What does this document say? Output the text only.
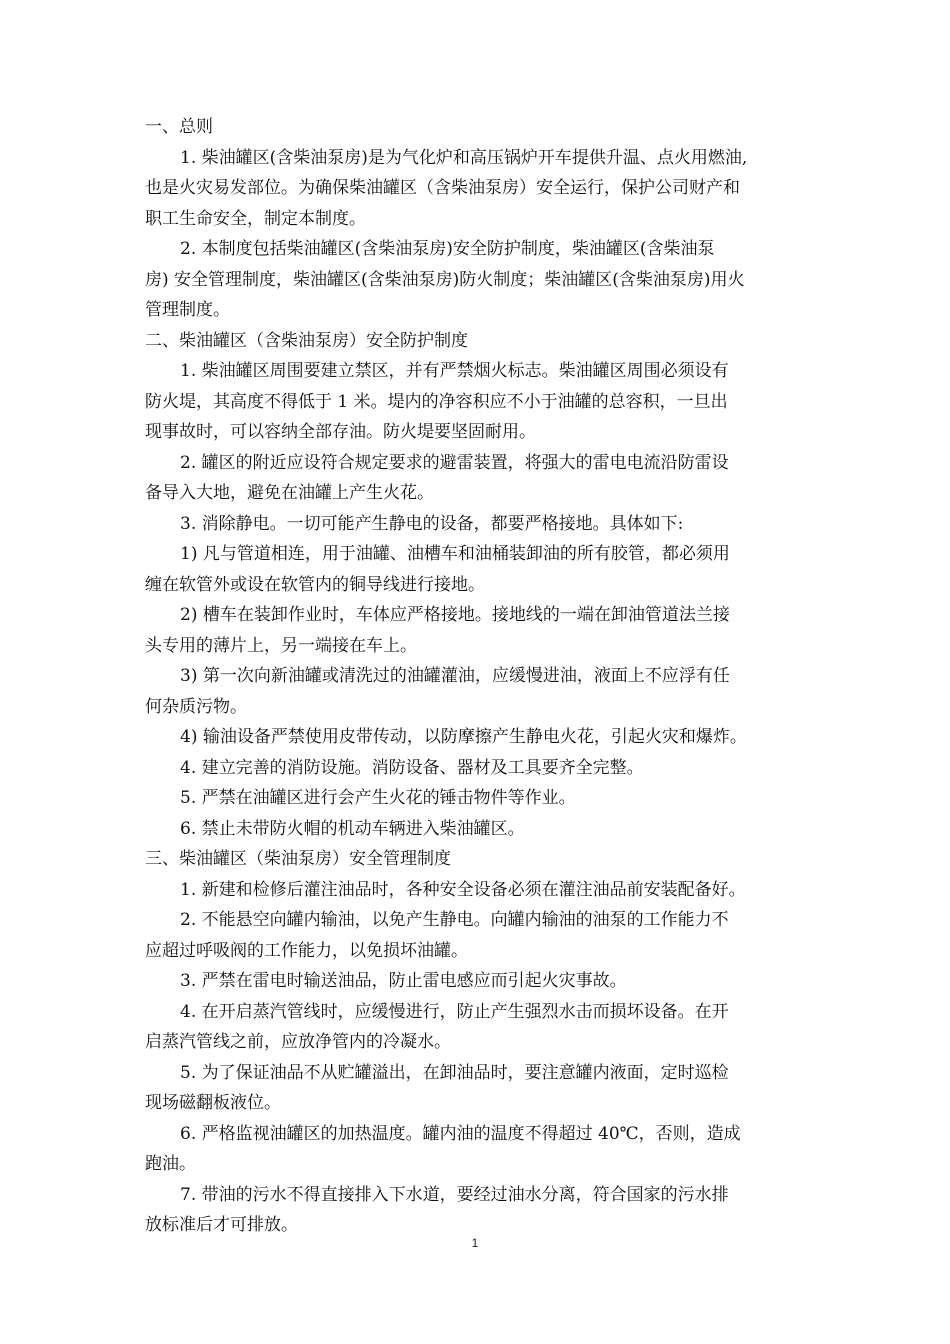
一、总则

1. 柴油罐区(含柴油泵房)是为气化炉和高压锅炉开车提供升温、点火用燃油,

也是火灾易发部位。为确保柴油罐区（含柴油泵房）安全运行，保护公司财产和

职工生命安全，制定本制度。

2. 本制度包括柴油罐区(含柴油泵房)安全防护制度，柴油罐区(含柴油泵

房) 安全管理制度，柴油罐区(含柴油泵房)防火制度；柴油罐区(含柴油泵房)用火

管理制度。

二、柴油罐区（含柴油泵房）安全防护制度

1. 柴油罐区周围要建立禁区，并有严禁烟火标志。柴油罐区周围必须设有

防火堤，其高度不得低于 1 米。堤内的净容积应不小于油罐的总容积，一旦出

现事故时，可以容纳全部存油。防火堤要坚固耐用。

2. 罐区的附近应设符合规定要求的避雷装置，将强大的雷电电流沿防雷设

备导入大地，避免在油罐上产生火花。

3. 消除静电。一切可能产生静电的设备，都要严格接地。具体如下:

1) 凡与管道相连，用于油罐、油槽车和油桶装卸油的所有胶管，都必须用

缠在软管外或设在软管内的铜导线进行接地。

2) 槽车在装卸作业时，车体应严格接地。接地线的一端在卸油管道法兰接

头专用的薄片上，另一端接在车上。

3) 第一次向新油罐或清洗过的油罐灌油，应缓慢进油，液面上不应浮有任

何杂质污物。

4) 输油设备严禁使用皮带传动，以防摩擦产生静电火花，引起火灾和爆炸。

4. 建立完善的消防设施。消防设备、器材及工具要齐全完整。

5. 严禁在油罐区进行会产生火花的锤击物件等作业。

6. 禁止未带防火帽的机动车辆进入柴油罐区。

三、柴油罐区（柴油泵房）安全管理制度

1. 新建和检修后灌注油品时，各种安全设备必须在灌注油品前安装配备好。

2. 不能悬空向罐内输油，以免产生静电。向罐内输油的油泵的工作能力不

应超过呼吸阀的工作能力，以免损坏油罐。

3. 严禁在雷电时输送油品，防止雷电感应而引起火灾事故。

4. 在开启蒸汽管线时，应缓慢进行，防止产生强烈水击而损坏设备。在开

启蒸汽管线之前，应放净管内的冷凝水。

5. 为了保证油品不从贮罐溢出，在卸油品时，要注意罐内液面，定时巡检

现场磁翻板液位。

6. 严格监视油罐区的加热温度。罐内油的温度不得超过 40℃，否则，造成

跑油。

7. 带油的污水不得直接排入下水道，要经过油水分离，符合国家的污水排

放标准后才可排放。

1
